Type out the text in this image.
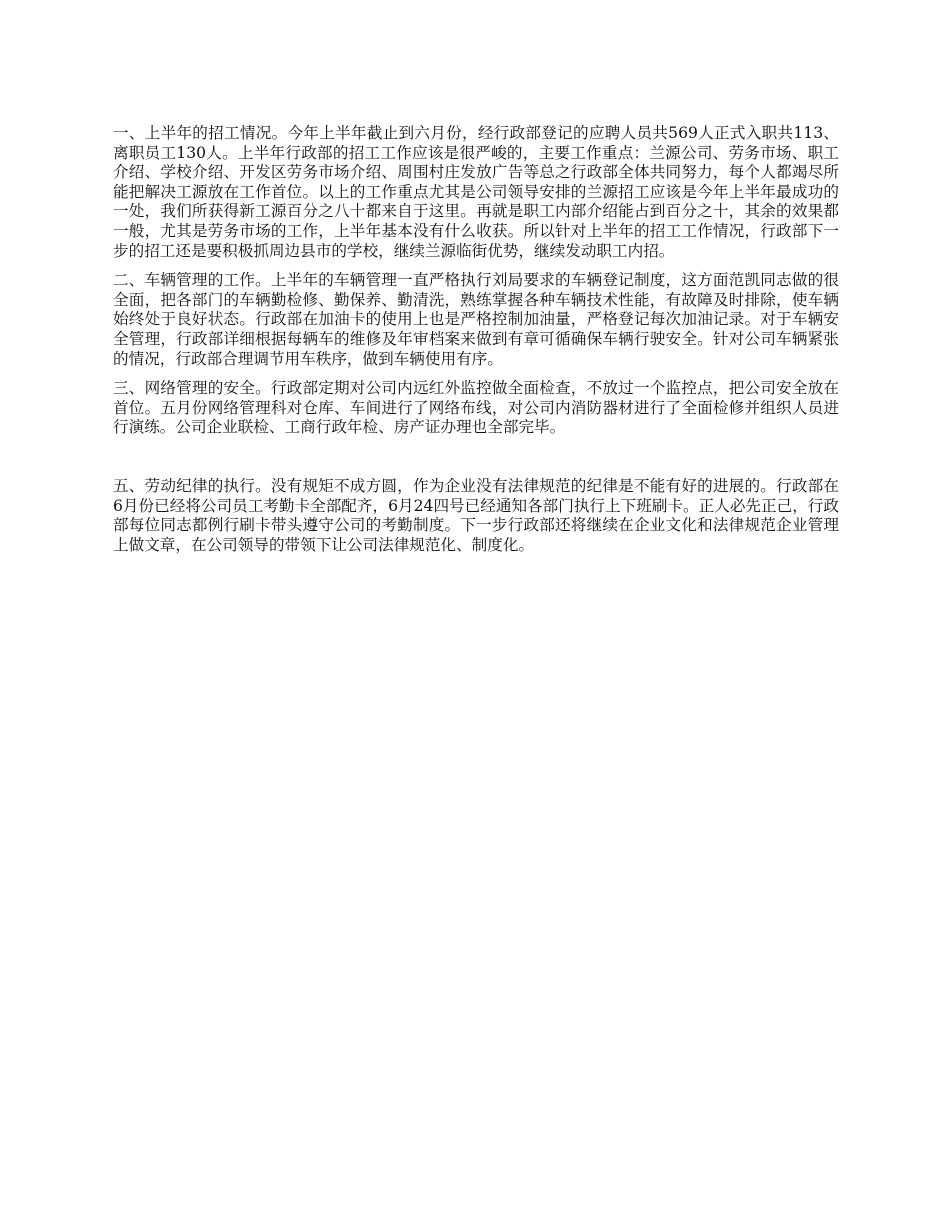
一、上半年的招工情况。今年上半年截止到六月份，经行政部登记的应聘人员共569人正式入职共113、离职员工130人。上半年行政部的招工工作应该是很严峻的，主要工作重点：兰源公司、劳务市场、职工介绍、学校介绍、开发区劳务市场介绍、周围村庄发放广告等总之行政部全体共同努力，每个人都竭尽所能把解决工源放在工作首位。以上的工作重点尤其是公司领导安排的兰源招工应该是今年上半年最成功的一处，我们所获得新工源百分之八十都来自于这里。再就是职工内部介绍能占到百分之十，其余的效果都一般，尤其是劳务市场的工作，上半年基本没有什么收获。所以针对上半年的招工工作情况，行政部下一步的招工还是要积极抓周边县市的学校，继续兰源临街优势，继续发动职工内招。

二、车辆管理的工作。上半年的车辆管理一直严格执行刘局要求的车辆登记制度，这方面范凯同志做的很全面，把各部门的车辆勤检修、勤保养、勤清洗，熟练掌握各种车辆技术性能，有故障及时排除，使车辆始终处于良好状态。行政部在加油卡的使用上也是严格控制加油量，严格登记每次加油记录。对于车辆安全管理，行政部详细根据每辆车的维修及年审档案来做到有章可循确保车辆行驶安全。针对公司车辆紧张的情况，行政部合理调节用车秩序，做到车辆使用有序。

三、网络管理的安全。行政部定期对公司内远红外监控做全面检查，不放过一个监控点，把公司安全放在首位。五月份网络管理科对仓库、车间进行了网络布线，对公司内消防器材进行了全面检修并组织人员进行演练。公司企业联检、工商行政年检、房产证办理也全部完毕。

五、劳动纪律的执行。没有规矩不成方圆，作为企业没有法律规范的纪律是不能有好的进展的。行政部在6月份已经将公司员工考勤卡全部配齐，6月24四号已经通知各部门执行上下班刷卡。正人必先正己，行政部每位同志都例行刷卡带头遵守公司的考勤制度。下一步行政部还将继续在企业文化和法律规范企业管理上做文章，在公司领导的带领下让公司法律规范化、制度化。
